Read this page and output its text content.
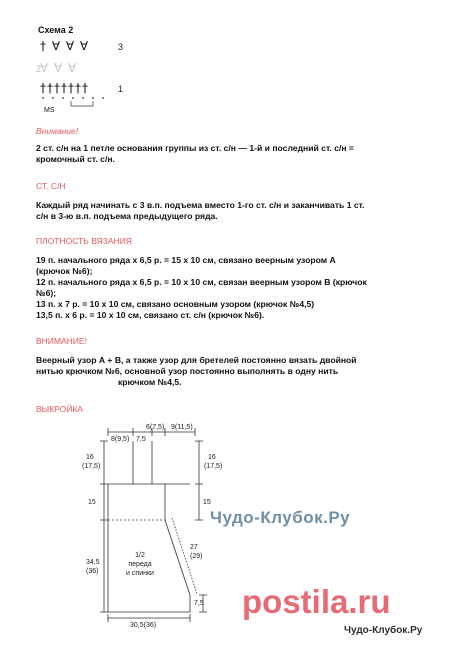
Схема 2
† ∀ ∀ ∀	3
∀ ∀ ∀
2
†††††††	1
МS
Внимание!
2 ст. с/н на 1 петле основания группы из ст. с/н — 1-й и последний ст. с/н =
кромочный ст. с/н.
СТ. С/Н
Каждый ряд начинать с 3 в.п. подъема вместо 1-го ст. с/н и заканчивать 1 ст.
с/н в 3-ю в.п. подъема предыдущего ряда.
ПЛОТНОСТЬ ВЯЗАНИЯ
19 п. начального ряда х 6,5 р. = 15 х 10 см, связано веерным узором А
(крючок №6);
12 п. начального ряда х 6,5 р. = 10 х 10 см, связан веерным узором В (крючок
№6);
13 п. х 7 р. = 10 х 10 см, связано основным узором (крючок №4,5)
13,5 п. х 6 р. = 10 х 10 см, связано ст. с/н (крючок №6).
ВНИМАНИЕ!
Веерный узор А + В, а также узор для бретелей постоянно вязать двойной
нитью крючком №6, основной узор постоянно выполнять в одну нить
крючком №4,5.
ВЫКРОЙКА
8(9,5) 7,5
6(7,5) 9(11,5)
16
(17,5)
16
(17,5)
15	15
34,5
(36)
27
(29)
7,5
30,5(36)
1/2
переда
и спинки
Чудо-Клубок.Ру
postila.ru
Чудо-Клубок.Ру
